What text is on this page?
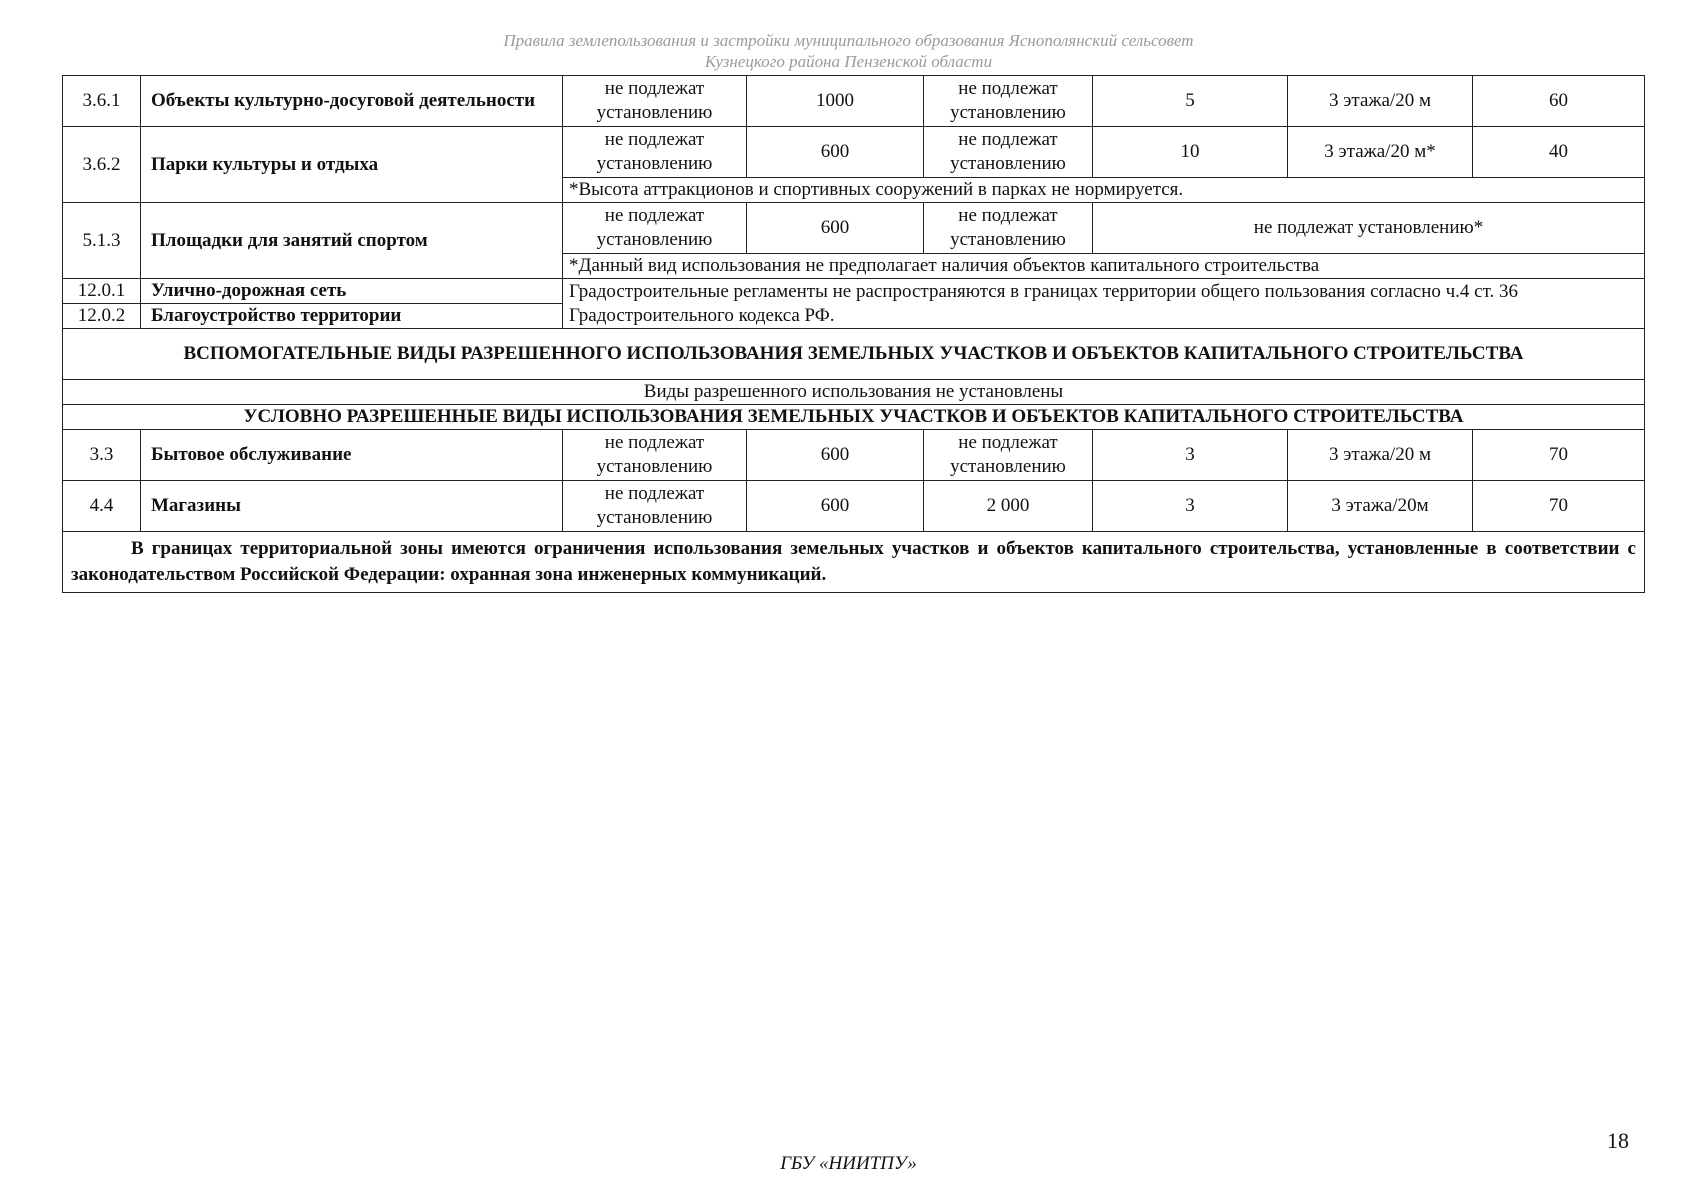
Правила землепользования и застройки муниципального образования Яснополянский сельсовет
Кузнецкого района Пензенской области
3.6.1	Объекты культурно-досуговой деятельности	не подлежат установлению	1000	не подлежат установлению	5	3 этажа/20 м	60
3.6.2	Парки культуры и отдыха	не подлежат установлению	600	не подлежат установлению	10	3 этажа/20 м*	40
		*Высота аттракционов и спортивных сооружений в парках не нормируется.					
5.1.3	Площадки для занятий спортом	не подлежат установлению	600	не подлежат установлению	не подлежат установлению*		
		*Данный вид использования не предполагает наличия объектов капитального строительства					
12.0.1	Улично-дорожная сеть	Градостроительные регламенты не распространяются в границах территории общего пользования согласно ч.4 ст. 36 Градостроительного кодекса РФ.					
12.0.2	Благоустройство территории						
ВСПОМОГАТЕЛЬНЫЕ ВИДЫ РАЗРЕШЕННОГО ИСПОЛЬЗОВАНИЯ ЗЕМЕЛЬНЫХ УЧАСТКОВ И ОБЪЕКТОВ КАПИТАЛЬНОГО СТРОИТЕЛЬСТВА							
Виды разрешенного использования не установлены							
УСЛОВНО РАЗРЕШЕННЫЕ ВИДЫ ИСПОЛЬЗОВАНИЯ ЗЕМЕЛЬНЫХ УЧАСТКОВ И ОБЪЕКТОВ КАПИТАЛЬНОГО СТРОИТЕЛЬСТВА							
3.3	Бытовое обслуживание	не подлежат установлению	600	не подлежат установлению	3	3 этажа/20 м	70
4.4	Магазины	не подлежат установлению	600	2 000	3	3 этажа/20м	70
В границах территориальной зоны имеются ограничения использования земельных участков и объектов капитального строительства, установленные в соответствии с законодательством Российской Федерации: охранная зона инженерных коммуникаций.							
18
ГБУ «НИИТПУ»
